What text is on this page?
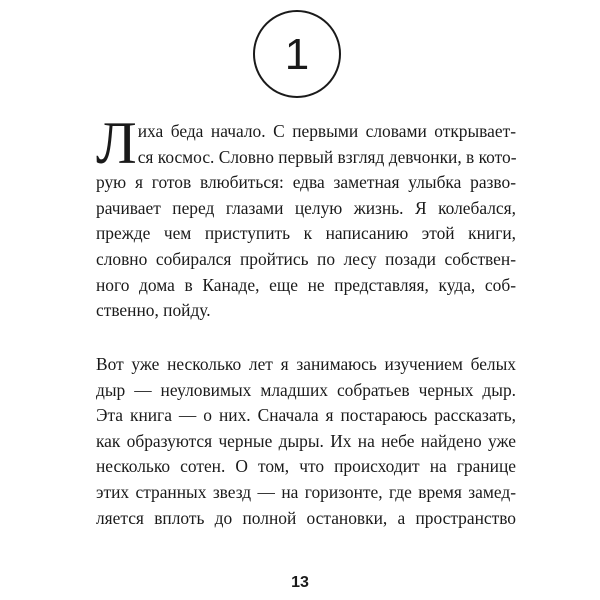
1
Л иха беда начало. С первыми словами открывает-
ся космос. Словно первый взгляд девчонки, в кото-
рую я готов влюбиться: едва заметная улыбка разво-
рачивает перед глазами целую жизнь. Я колебался,
прежде чем приступить к написанию этой книги,
словно собирался пройтись по лесу позади собствен-
ного дома в Канаде, еще не представляя, куда, соб-
ственно, пойду.
Вот уже несколько лет я занимаюсь изучением белых
дыр — неуловимых младших собратьев черных дыр.
Эта книга — о них. Сначала я постараюсь рассказать,
как образуются черные дыры. Их на небе найдено уже
несколько сотен. О том, что происходит на границе
этих странных звезд — на горизонте, где время замед-
ляется вплоть до полной остановки, а пространство
13
